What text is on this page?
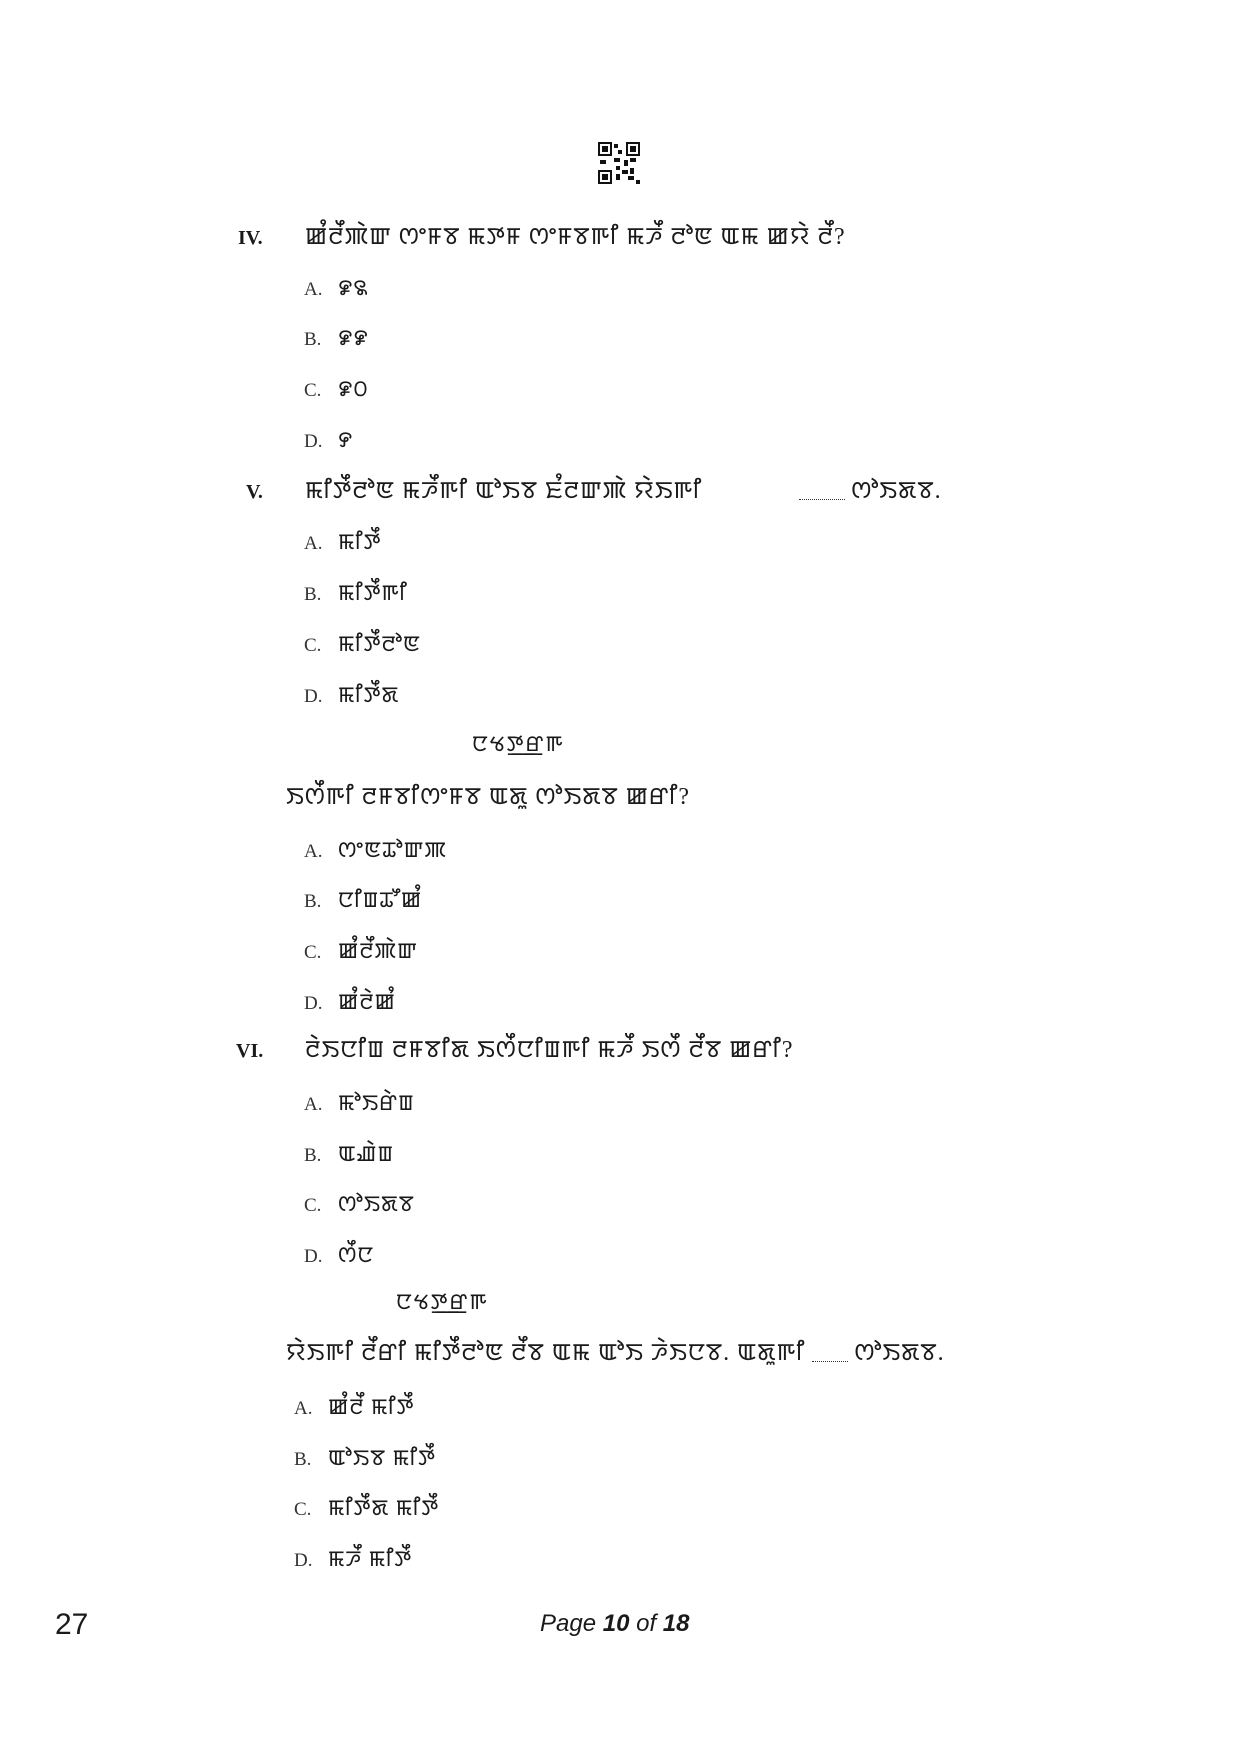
IV. ꯀꯪꯂꯩꯄꯥꯛ ꯁꯦꯝꯕ ꯃꯇꯝ ꯁꯦꯝꯕꯒꯤ ꯃꯍꯩ ꯂꯣꯟ ꯑꯃ ꯀꯌꯥ ꯂꯩ?
A. ꯹꯲
B. ꯹꯹
C. ꯹꯰
D. ꯸
V. ꯃꯤꯇꯩꯂꯣꯟ ꯃꯍꯩꯒꯤ ꯑꯣꯏꯕ ꯐꯪꯂꯛꯄꯥ ꯌꯥꯏꯒꯤ	ꯁꯣꯏꯗꯕ.
A. ꯃꯤꯇꯩ
B. ꯃꯤꯇꯩꯒꯤ
C. ꯃꯤꯇꯩꯂꯣꯟ
D. ꯃꯤꯇꯩꯗ
ꯅꯠꯇ꯭ꯔꯒ
ꯏꯁꯩꯒꯤ ꯂꯝꯕꯤꯁꯦꯝꯕ ꯑꯗꯨ ꯁꯣꯏꯗꯕ ꯀꯔꯤ?
A. ꯁꯦꯟꯊꯣꯛꯄ
B. ꯅꯤꯡꯊꯧꯀꯪ
C. ꯀꯪꯂꯩꯄꯥꯛ
D. ꯀꯪꯂꯥꯀꯪ
VI. ꯂꯥꯏꯅꯤꯡ ꯂꯝꯕꯤꯗ ꯏꯁꯩꯅꯤꯡꯒꯤ ꯃꯍꯩ ꯏꯁꯩ ꯂꯩꯕ ꯀꯔꯤ?
A. ꯃꯣꯏꯔꯥꯡ
B. ꯑꯉꯥꯡ
C. ꯁꯣꯏꯗꯕ
D. ꯁꯩꯅ
ꯅꯠꯇ꯭ꯔꯒ
ꯌꯥꯏꯒꯤ ꯂꯩꯔꯤ ꯃꯤꯇꯩꯂꯣꯟ ꯂꯩꯕ ꯑꯃ ꯑꯣꯏ ꯍꯥꯏꯅꯕ. ꯑꯗꯨꯒꯤ ꯁꯣꯏꯗꯕ.
A. ꯀꯪꯂꯩ ꯃꯤꯇꯩ
B. ꯑꯣꯏꯕ ꯃꯤꯇꯩ
C. ꯃꯤꯇꯩꯗ ꯃꯤꯇꯩ
D. ꯃꯍꯩ ꯃꯤꯇꯩ
27	Page 10 of 18
